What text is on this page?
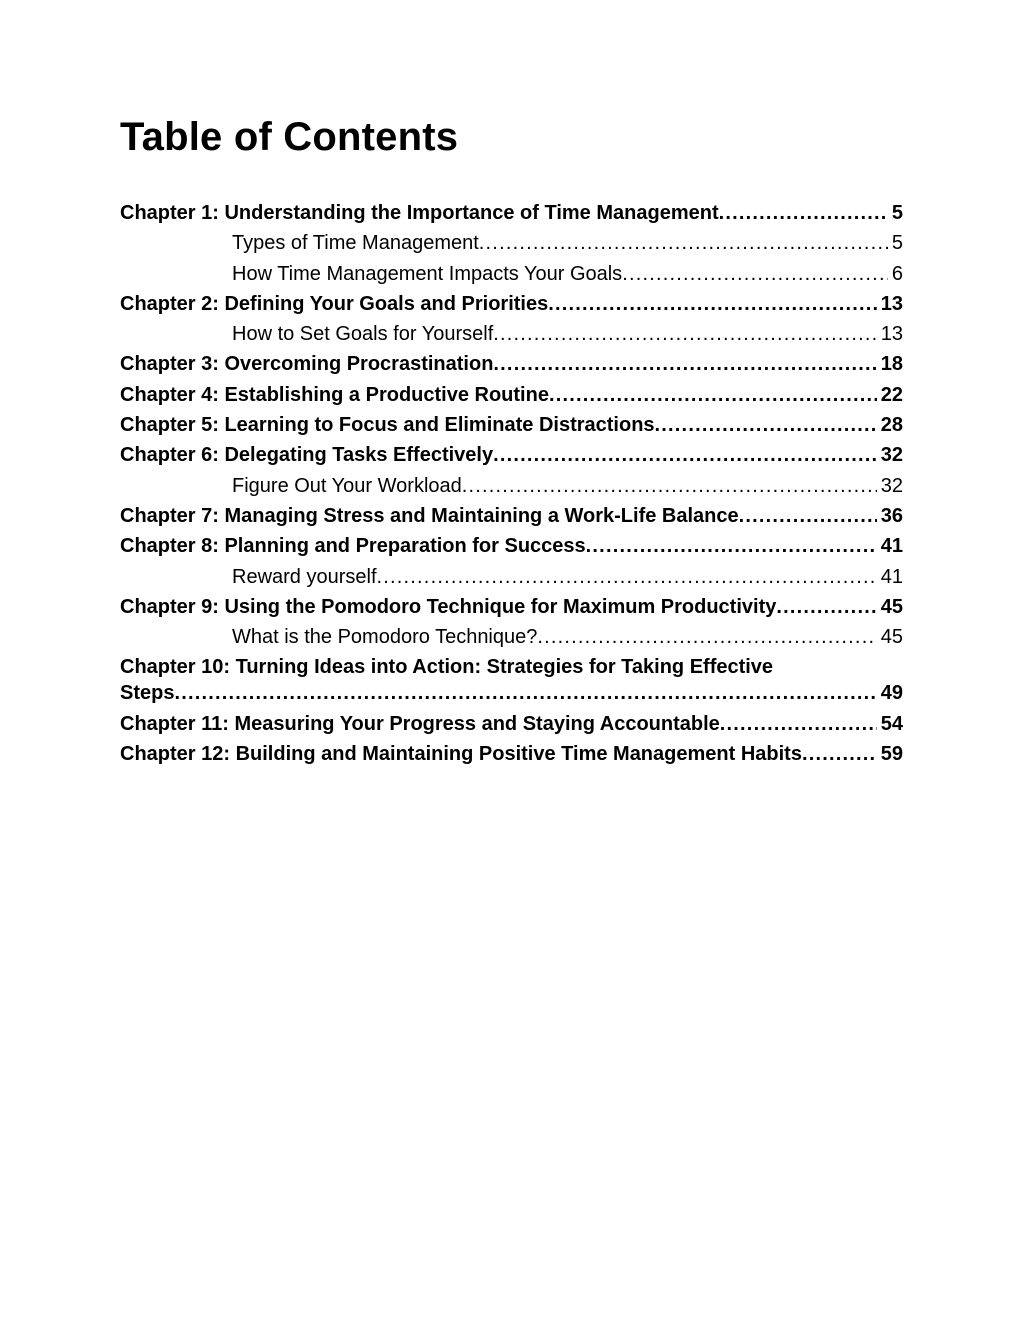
Table of Contents
Chapter 1: Understanding the Importance of Time Management .....	5
Types of Time Management .....	5
How Time Management Impacts Your Goals .....	6
Chapter 2: Defining Your Goals and Priorities .....	13
How to Set Goals for Yourself .....	13
Chapter 3: Overcoming Procrastination .....	18
Chapter 4: Establishing a Productive Routine .....	22
Chapter 5: Learning to Focus and Eliminate Distractions .....	28
Chapter 6: Delegating Tasks Effectively .....	32
Figure Out Your Workload .....	32
Chapter 7: Managing Stress and Maintaining a Work-Life Balance .....	36
Chapter 8: Planning and Preparation for Success .....	41
Reward yourself .....	41
Chapter 9: Using the Pomodoro Technique for Maximum Productivity .....	45
What is the Pomodoro Technique? .....	45
Chapter 10: Turning Ideas into Action: Strategies for Taking Effective
Steps .....	49
Chapter 11: Measuring Your Progress and Staying Accountable .....	54
Chapter 12: Building and Maintaining Positive Time Management Habits .....	59
